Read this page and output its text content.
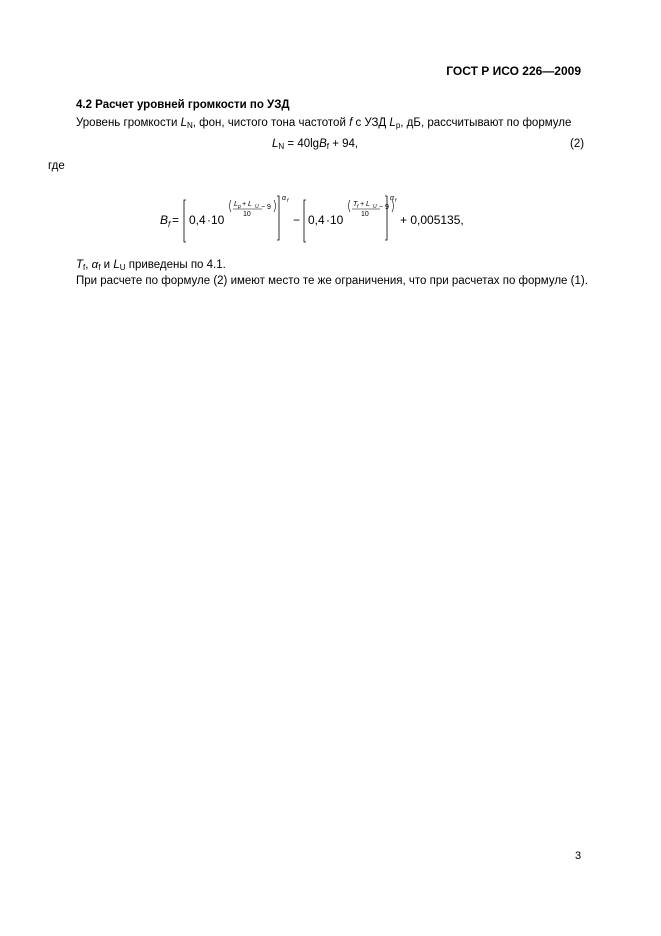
ГОСТ Р ИСО 226—2009
4.2 Расчет уровней громкости по УЗД
Уровень громкости $L_N$, фон, чистого тона частотой f с УЗД $L_p$, дБ, рассчитывают по формуле
$L_N = 40\lg B_f + 94$,	(2)
где
B f = 0,4 ·10
L p + L U
10
− 9
α f
− 0,4 ·10
T f + L U
10
− 9
α f
+ 0,005135,
$T_f$, $\alpha_f$ и $L_U$ приведены по 4.1.
При расчете по формуле (2) имеют место те же ограничения, что при расчетах по формуле (1).
3
